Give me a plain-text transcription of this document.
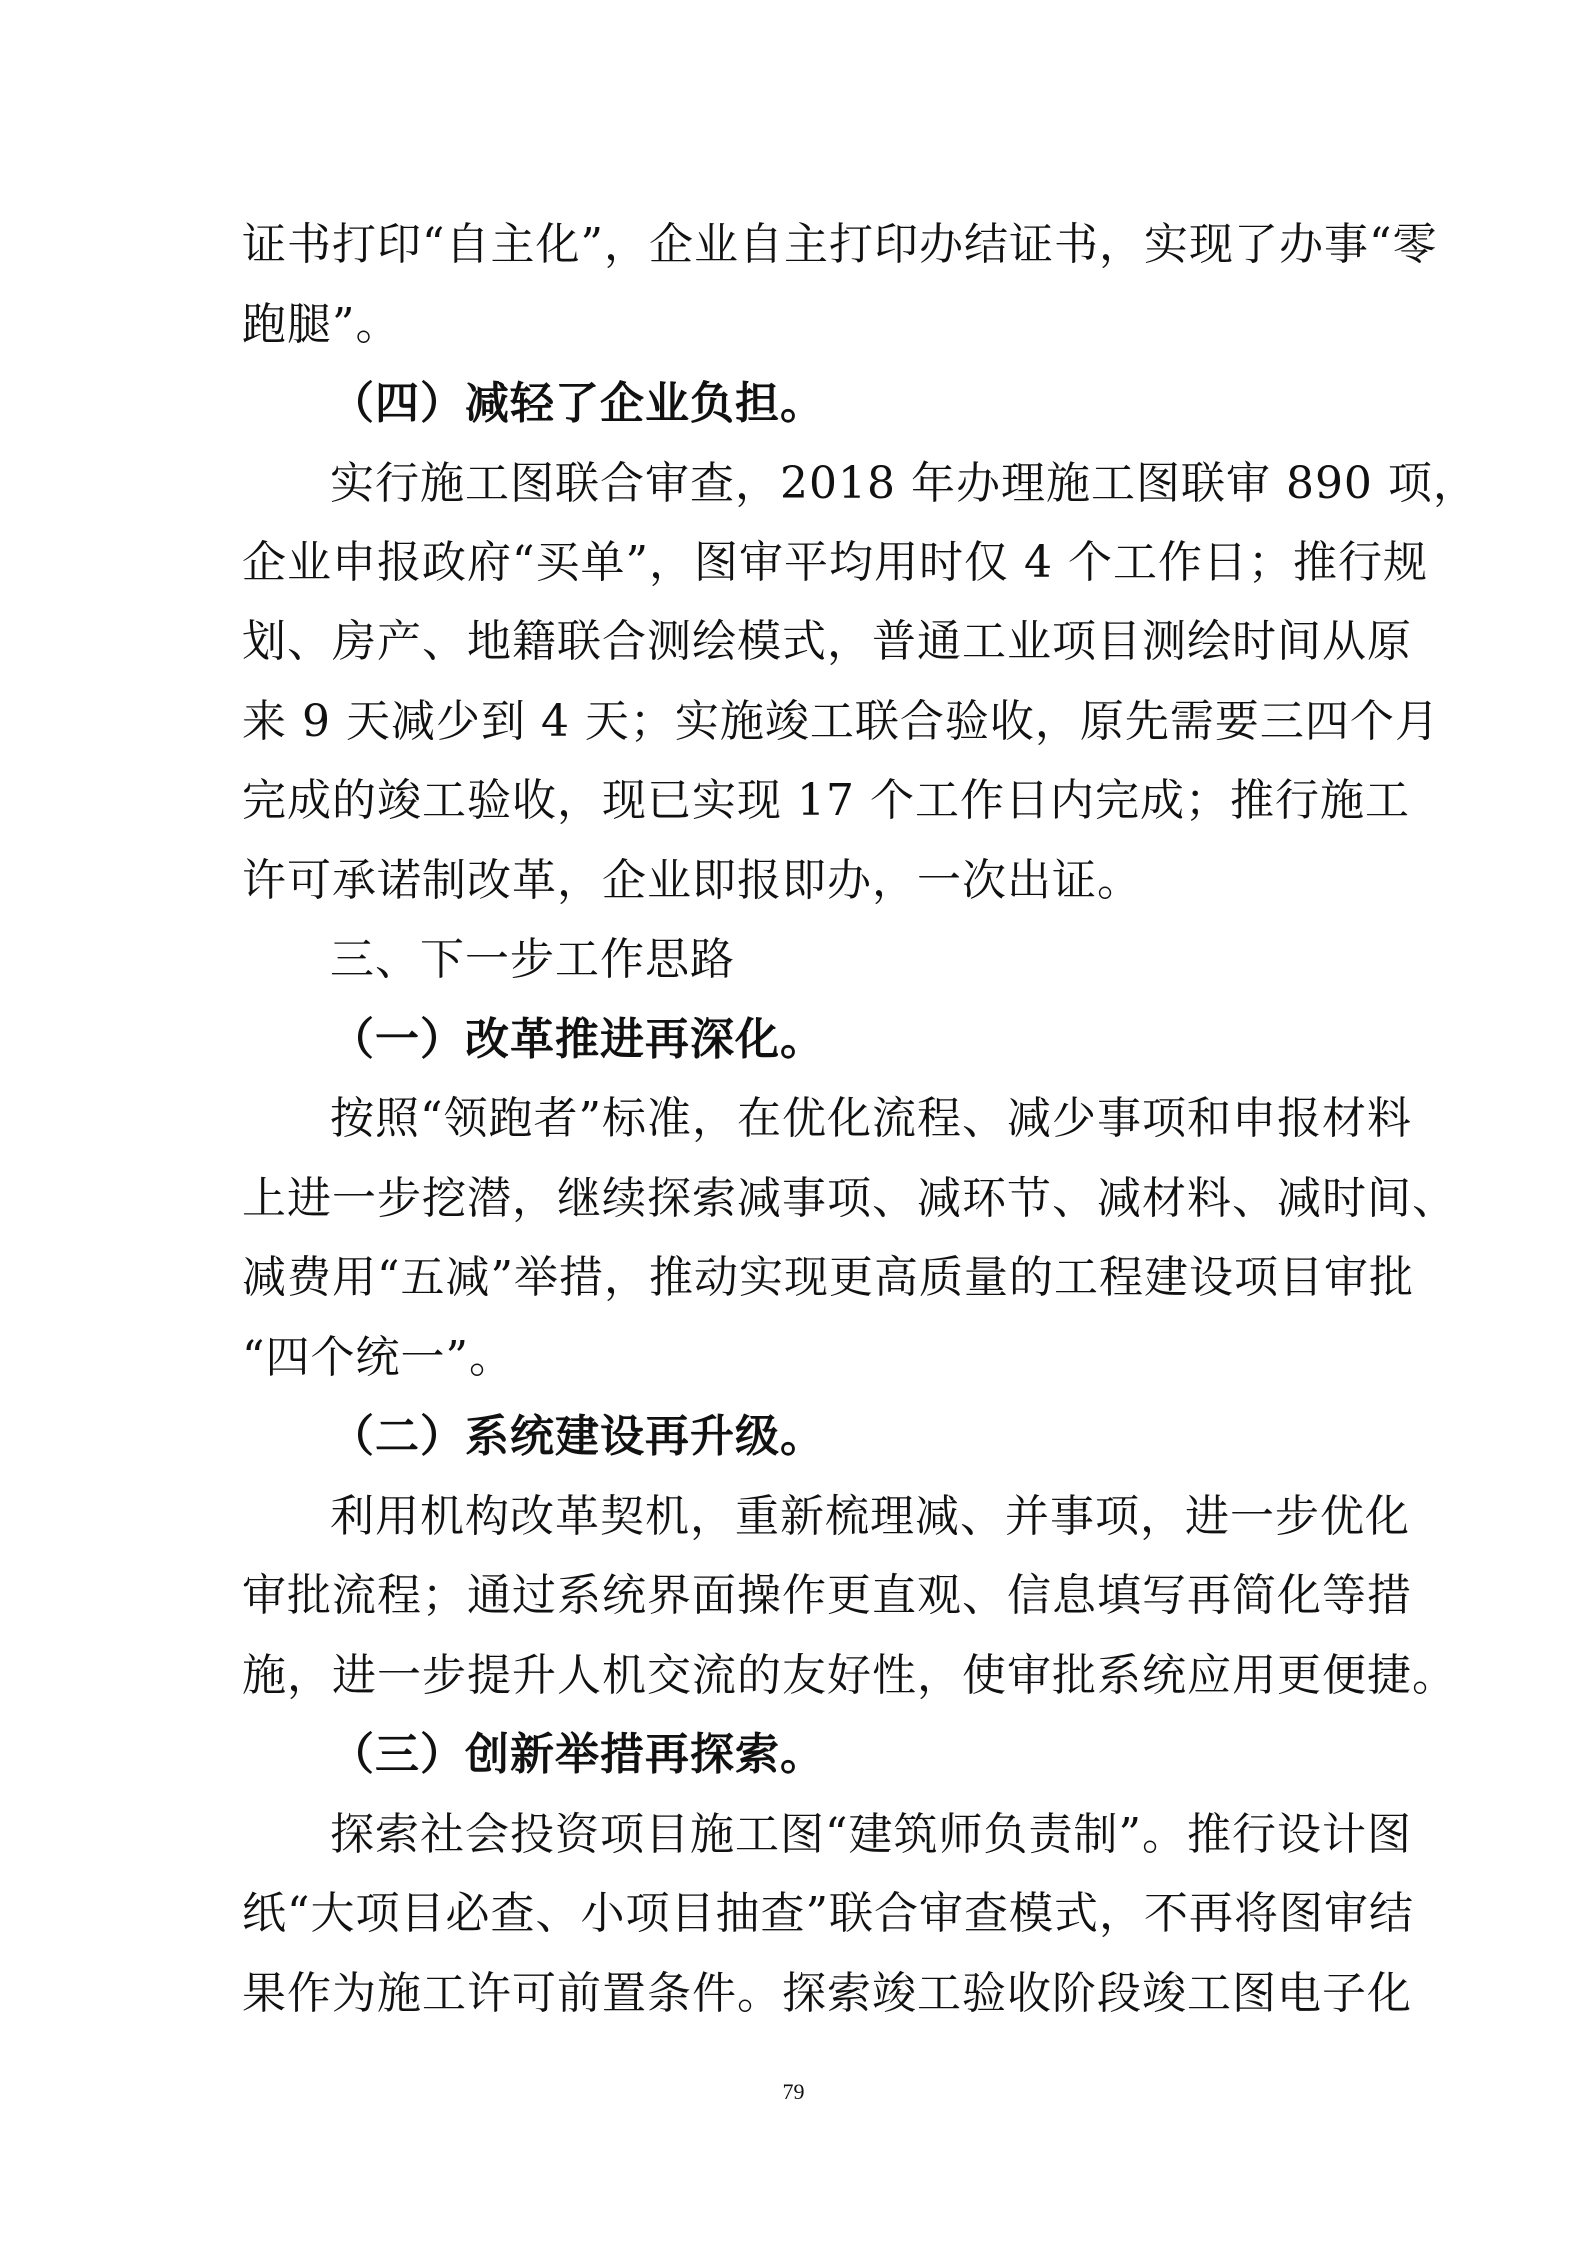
证书打印“自主化”，企业自主打印办结证书，实现了办事“零
跑腿”。
（四）减轻了企业负担。
实行施工图联合审查，2018 年办理施工图联审 890 项，
企业申报政府“买单”，图审平均用时仅 4 个工作日；推行规
划、房产、地籍联合测绘模式，普通工业项目测绘时间从原
来 9 天减少到 4 天；实施竣工联合验收，原先需要三四个月
完成的竣工验收，现已实现 17 个工作日内完成；推行施工
许可承诺制改革，企业即报即办，一次出证。
三、下一步工作思路
（一）改革推进再深化。
按照“领跑者”标准，在优化流程、减少事项和申报材料
上进一步挖潜，继续探索减事项、减环节、减材料、减时间、
减费用“五减”举措，推动实现更高质量的工程建设项目审批
“四个统一”。
（二）系统建设再升级。
利用机构改革契机，重新梳理减、并事项，进一步优化
审批流程；通过系统界面操作更直观、信息填写再简化等措
施，进一步提升人机交流的友好性，使审批系统应用更便捷。
（三）创新举措再探索。
探索社会投资项目施工图“建筑师负责制”。推行设计图
纸“大项目必查、小项目抽查”联合审查模式，不再将图审结
果作为施工许可前置条件。探索竣工验收阶段竣工图电子化
79
